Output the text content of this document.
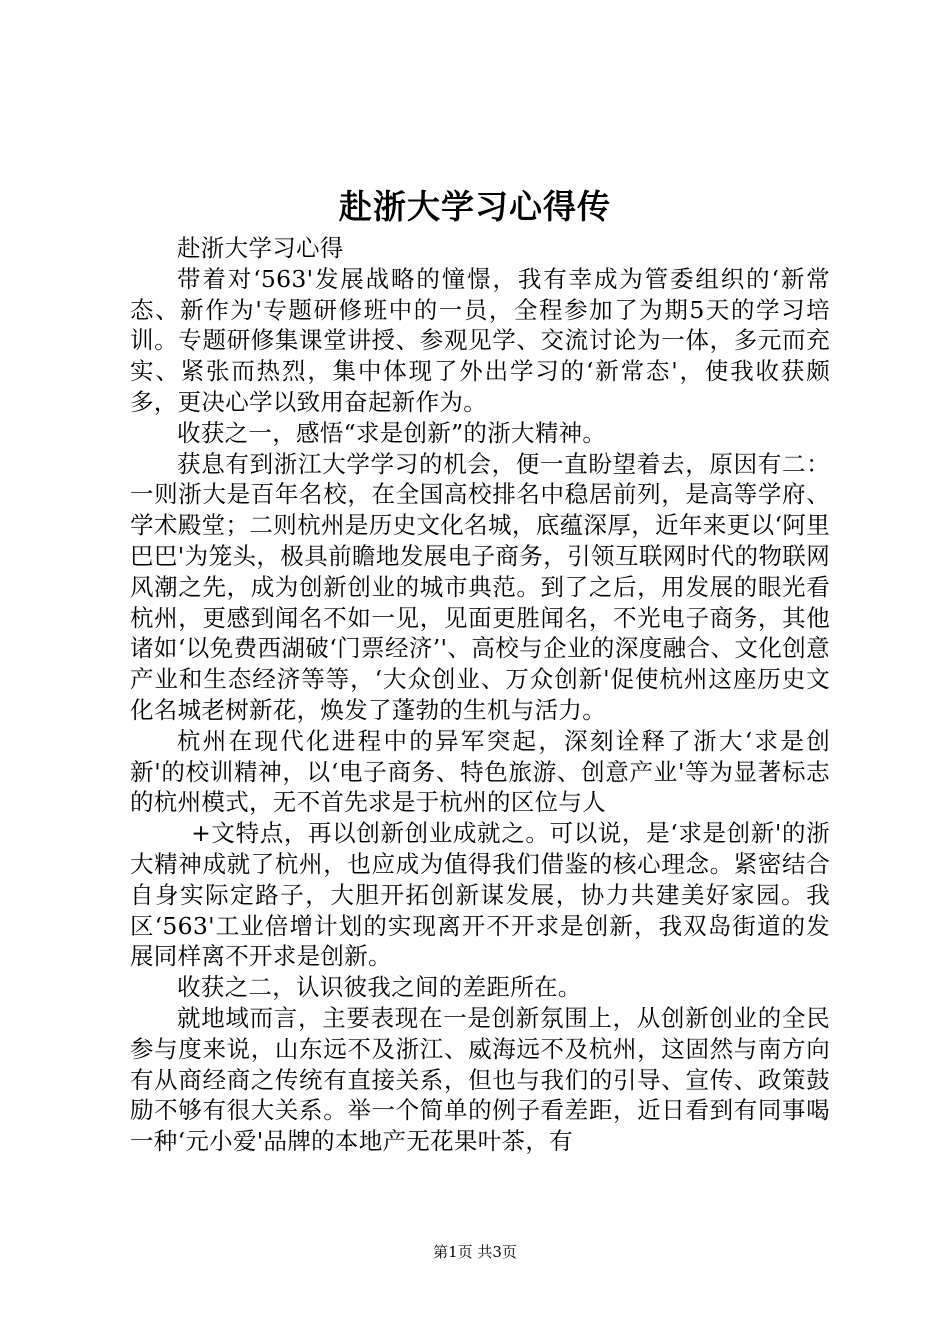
赴浙大学习心得传

赴浙大学习心得

带着对‘563'发展战略的憧憬，我有幸成为管委组织的‘新常态、新作为'专题研修班中的一员，全程参加了为期5天的学习培训。专题研修集课堂讲授、参观见学、交流讨论为一体，多元而充实、紧张而热烈，集中体现了外出学习的‘新常态'，使我收获颇多，更决心学以致用奋起新作为。

收获之一，感悟“求是创新”的浙大精神。

获息有到浙江大学学习的机会，便一直盼望着去，原因有二：一则浙大是百年名校，在全国高校排名中稳居前列，是高等学府、学术殿堂；二则杭州是历史文化名城，底蕴深厚，近年来更以‘阿里巴巴'为笼头，极具前瞻地发展电子商务，引领互联网时代的物联网风潮之先，成为创新创业的城市典范。到了之后，用发展的眼光看杭州，更感到闻名不如一见，见面更胜闻名，不光电子商务，其他诸如‘以免费西湖破‘门票经济’'、高校与企业的深度融合、文化创意产业和生态经济等等，‘大众创业、万众创新'促使杭州这座历史文化名城老树新花，焕发了蓬勃的生机与活力。

杭州在现代化进程中的异军突起，深刻诠释了浙大‘求是创新'的校训精神，以‘电子商务、特色旅游、创意产业'等为显著标志的杭州模式，无不首先求是于杭州的区位与人

+文特点，再以创新创业成就之。可以说，是‘求是创新'的浙大精神成就了杭州，也应成为值得我们借鉴的核心理念。紧密结合自身实际定路子，大胆开拓创新谋发展，协力共建美好家园。我区‘563'工业倍增计划的实现离开不开求是创新，我双岛街道的发展同样离不开求是创新。

收获之二，认识彼我之间的差距所在。

就地域而言，主要表现在一是创新氛围上，从创新创业的全民参与度来说，山东远不及浙江、威海远不及杭州，这固然与南方向有从商经商之传统有直接关系，但也与我们的引导、宣传、政策鼓励不够有很大关系。举一个简单的例子看差距，近日看到有同事喝一种‘元小爱'品牌的本地产无花果叶茶，有

第1页 共3页
